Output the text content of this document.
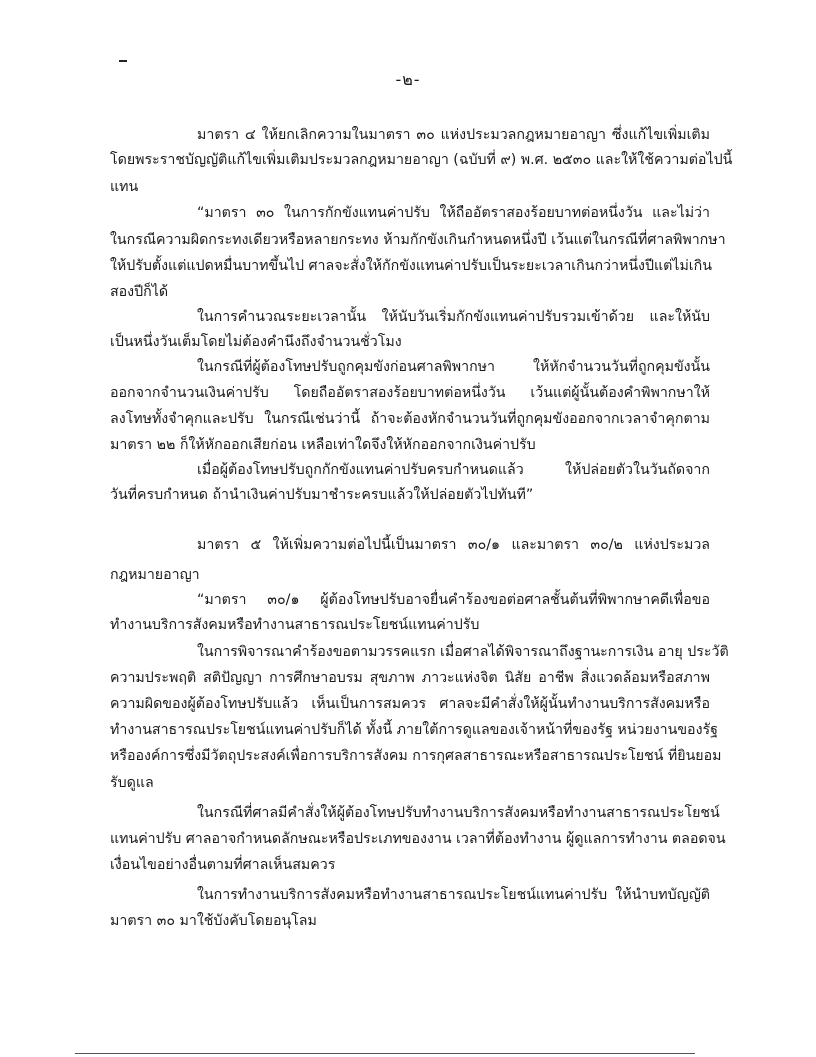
-๒-
มาตรา ๔ ให้ยกเลิกความในมาตรา ๓๐ แห่งประมวลกฎหมายอาญา ซึ่งแก้ไขเพิ่มเติม
โดยพระราชบัญญัติแก้ไขเพิ่มเติมประมวลกฎหมายอาญา (ฉบับที่ ๙) พ.ศ. ๒๕๓๐ และให้ใช้ความต่อไปนี้
แทน
“มาตรา ๓๐ ในการกักขังแทนค่าปรับ ให้ถืออัตราสองร้อยบาทต่อหนึ่งวัน และไม่ว่า
ในกรณีความผิดกระทงเดียวหรือหลายกระทง ห้ามกักขังเกินกำหนดหนึ่งปี เว้นแต่ในกรณีที่ศาลพิพากษา
ให้ปรับตั้งแต่แปดหมื่นบาทขึ้นไป ศาลจะสั่งให้กักขังแทนค่าปรับเป็นระยะเวลาเกินกว่าหนึ่งปีแต่ไม่เกิน
สองปีก็ได้
ในการคำนวณระยะเวลานั้น ให้นับวันเริ่มกักขังแทนค่าปรับรวมเข้าด้วย และให้นับ
เป็นหนึ่งวันเต็มโดยไม่ต้องคำนึงถึงจำนวนชั่วโมง
ในกรณีที่ผู้ต้องโทษปรับถูกคุมขังก่อนศาลพิพากษา ให้หักจำนวนวันที่ถูกคุมขังนั้น
ออกจากจำนวนเงินค่าปรับ โดยถืออัตราสองร้อยบาทต่อหนึ่งวัน เว้นแต่ผู้นั้นต้องคำพิพากษาให้
ลงโทษทั้งจำคุกและปรับ ในกรณีเช่นว่านี้ ถ้าจะต้องหักจำนวนวันที่ถูกคุมขังออกจากเวลาจำคุกตาม
มาตรา ๒๒ ก็ให้หักออกเสียก่อน เหลือเท่าใดจึงให้หักออกจากเงินค่าปรับ
เมื่อผู้ต้องโทษปรับถูกกักขังแทนค่าปรับครบกำหนดแล้ว ให้ปล่อยตัวในวันถัดจาก
วันที่ครบกำหนด ถ้านำเงินค่าปรับมาชำระครบแล้วให้ปล่อยตัวไปทันที”
มาตรา ๕ ให้เพิ่มความต่อไปนี้เป็นมาตรา ๓๐/๑ และมาตรา ๓๐/๒ แห่งประมวล
กฎหมายอาญา
“มาตรา ๓๐/๑ ผู้ต้องโทษปรับอาจยื่นคำร้องขอต่อศาลชั้นต้นที่พิพากษาคดีเพื่อขอ
ทำงานบริการสังคมหรือทำงานสาธารณประโยชน์แทนค่าปรับ
ในการพิจารณาคำร้องขอตามวรรคแรก เมื่อศาลได้พิจารณาถึงฐานะการเงิน อายุ ประวัติ
ความประพฤติ สติปัญญา การศึกษาอบรม สุขภาพ ภาวะแห่งจิต นิสัย อาชีพ สิ่งแวดล้อมหรือสภาพ
ความผิดของผู้ต้องโทษปรับแล้ว เห็นเป็นการสมควร ศาลจะมีคำสั่งให้ผู้นั้นทำงานบริการสังคมหรือ
ทำงานสาธารณประโยชน์แทนค่าปรับก็ได้ ทั้งนี้ ภายใต้การดูแลของเจ้าหน้าที่ของรัฐ หน่วยงานของรัฐ
หรือองค์การซึ่งมีวัตถุประสงค์เพื่อการบริการสังคม การกุศลสาธารณะหรือสาธารณประโยชน์ ที่ยินยอม
รับดูแล
ในกรณีที่ศาลมีคำสั่งให้ผู้ต้องโทษปรับทำงานบริการสังคมหรือทำงานสาธารณประโยชน์
แทนค่าปรับ ศาลอาจกำหนดลักษณะหรือประเภทของงาน เวลาที่ต้องทำงาน ผู้ดูแลการทำงาน ตลอดจน
เงื่อนไขอย่างอื่นตามที่ศาลเห็นสมควร
ในการทำงานบริการสังคมหรือทำงานสาธารณประโยชน์แทนค่าปรับ ให้นำบทบัญญัติ
มาตรา ๓๐ มาใช้บังคับโดยอนุโลม
